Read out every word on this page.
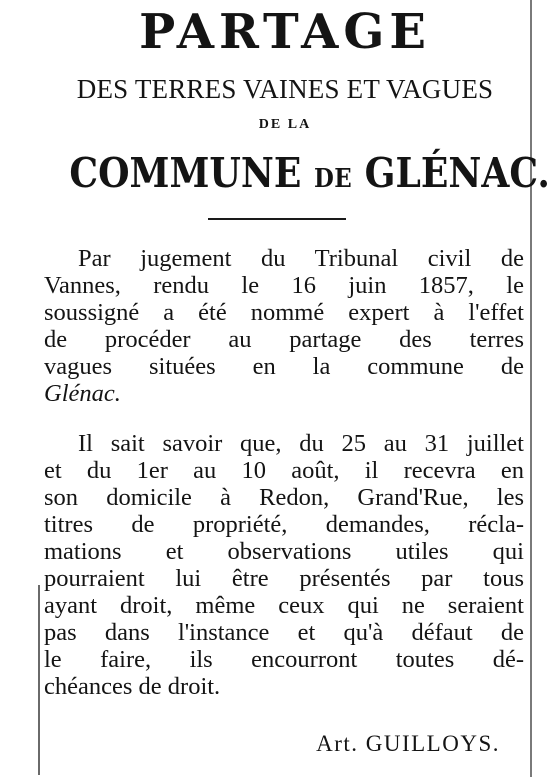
PARTAGE
DES TERRES VAINES ET VAGUES
DE LA
COMMUNE DE GLÉNAC.
Par jugement du Tribunal civil de
Vannes, rendu le 16 juin 1857, le
soussigné a été nommé expert à l'effet
de procéder au partage des terres
vagues situées en la commune de
Glénac.
Il sait savoir que, du 25 au 31 juillet
et du 1er au 10 août, il recevra en
son domicile à Redon, Grand'Rue, les
titres de propriété, demandes, récla-
mations et observations utiles qui
pourraient lui être présentés par tous
ayant droit, même ceux qui ne seraient
pas dans l'instance et qu'à défaut de
le faire, ils encourront toutes dé-
chéances de droit.
Art. GUILLOYS.
